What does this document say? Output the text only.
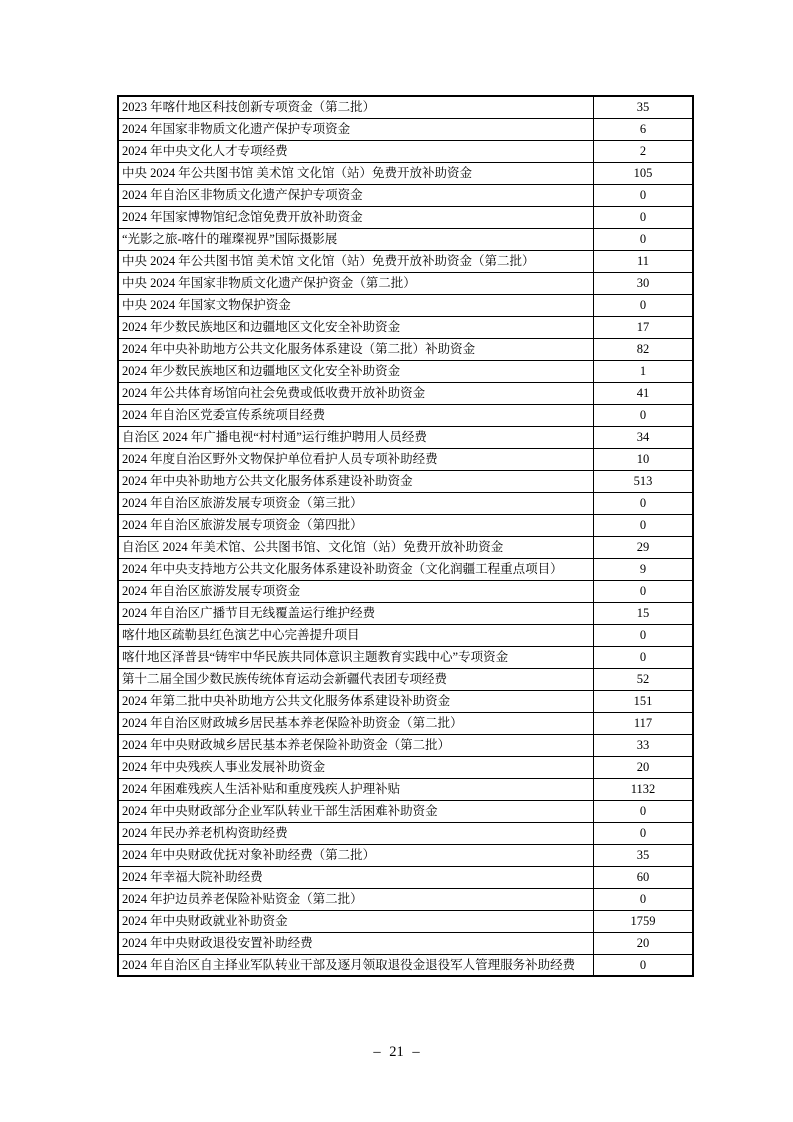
2023 年喀什地区科技创新专项资金（第二批）	35
2024 年国家非物质文化遗产保护专项资金	6
2024 年中央文化人才专项经费	2
中央 2024 年公共图书馆 美术馆 文化馆（站）免费开放补助资金	105
2024 年自治区非物质文化遗产保护专项资金	0
2024 年国家博物馆纪念馆免费开放补助资金	0
“光影之旅-喀什的璀璨视界”国际摄影展	0
中央 2024 年公共图书馆 美术馆 文化馆（站）免费开放补助资金（第二批）	11
中央 2024 年国家非物质文化遗产保护资金（第二批）	30
中央 2024 年国家文物保护资金	0
2024 年少数民族地区和边疆地区文化安全补助资金	17
2024 年中央补助地方公共文化服务体系建设（第二批）补助资金	82
2024 年少数民族地区和边疆地区文化安全补助资金	1
2024 年公共体育场馆向社会免费或低收费开放补助资金	41
2024 年自治区党委宣传系统项目经费	0
自治区 2024 年广播电视“村村通”运行维护聘用人员经费	34
2024 年度自治区野外文物保护单位看护人员专项补助经费	10
2024 年中央补助地方公共文化服务体系建设补助资金	513
2024 年自治区旅游发展专项资金（第三批）	0
2024 年自治区旅游发展专项资金（第四批）	0
自治区 2024 年美术馆、公共图书馆、文化馆（站）免费开放补助资金	29
2024 年中央支持地方公共文化服务体系建设补助资金（文化润疆工程重点项目）	9
2024 年自治区旅游发展专项资金	0
2024 年自治区广播节目无线覆盖运行维护经费	15
喀什地区疏勒县红色演艺中心完善提升项目	0
喀什地区泽普县“铸牢中华民族共同体意识主题教育实践中心”专项资金	0
第十二届全国少数民族传统体育运动会新疆代表团专项经费	52
2024 年第二批中央补助地方公共文化服务体系建设补助资金	151
2024 年自治区财政城乡居民基本养老保险补助资金（第二批）	117
2024 年中央财政城乡居民基本养老保险补助资金（第二批）	33
2024 年中央残疾人事业发展补助资金	20
2024 年困难残疾人生活补贴和重度残疾人护理补贴	1132
2024 年中央财政部分企业军队转业干部生活困难补助资金	0
2024 年民办养老机构资助经费	0
2024 年中央财政优抚对象补助经费（第二批）	35
2024 年幸福大院补助经费	60
2024 年护边员养老保险补贴资金（第二批）	0
2024 年中央财政就业补助资金	1759
2024 年中央财政退役安置补助经费	20
2024 年自治区自主择业军队转业干部及逐月领取退役金退役军人管理服务补助经费	0
– 21 –
